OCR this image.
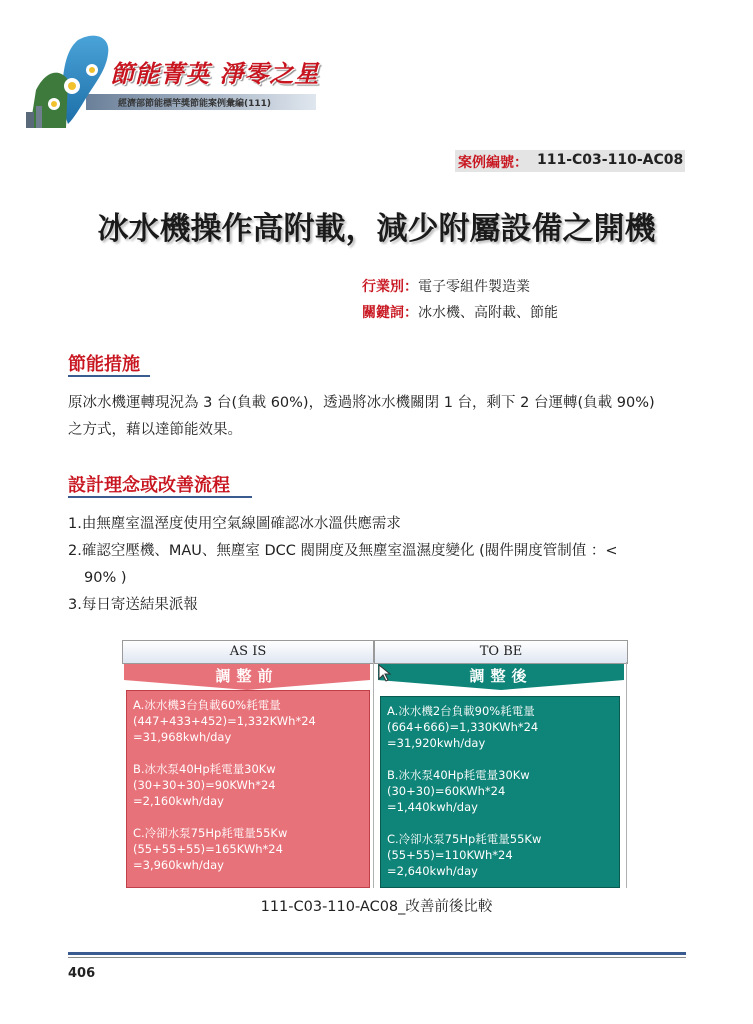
節能菁英 淨零之星
經濟部節能標竿獎節能案例彙編(111)
案例編號： 111-C03-110-AC08
冰水機操作高附載，減少附屬設備之開機
行業別：電子零組件製造業
關鍵詞：冰水機、高附載、節能
節能措施
原冰水機運轉現況為 3 台(負載 60%)，透過將冰水機關閉 1 台，剩下 2 台運轉(負載 90%)
之方式，藉以達節能效果。
設計理念或改善流程
1.由無塵室溫溼度使用空氣線圖確認冰水溫供應需求
2.確認空壓機、MAU、無塵室 DCC 閥開度及無塵室溫濕度變化 (閥件開度管制值 ：<
90% )
3.每日寄送結果派報
AS IS	TO BE
調整前	調整後
A.冰水機3台負載60%耗電量
(447+433+452)=1,332KWh*24
=31,968kwh/day
B.冰水泵40Hp耗電量30Kw
(30+30+30)=90KWh*24
=2,160kwh/day
C.冷卻水泵75Hp耗電量55Kw
(55+55+55)=165KWh*24
=3,960kwh/day
A.冰水機2台負載90%耗電量
(664+666)=1,330KWh*24
=31,920kwh/day
B.冰水泵40Hp耗電量30Kw
(30+30)=60KWh*24
=1,440kwh/day
C.冷卻水泵75Hp耗電量55Kw
(55+55)=110KWh*24
=2,640kwh/day
111-C03-110-AC08_改善前後比較
406
